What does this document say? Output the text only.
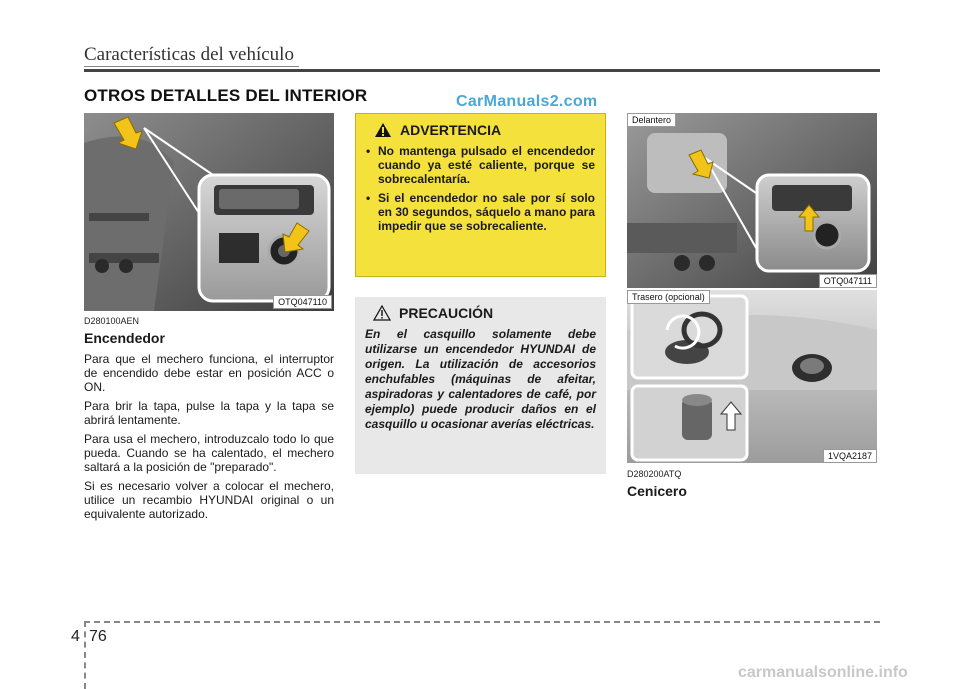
Características del vehículo
OTROS DETALLES DEL INTERIOR	CarManuals2.com
OTQ047110
ADVERTENCIA
• No mantenga pulsado el encendedor cuando ya esté caliente, porque se sobrecalentaría.
• Si el encendedor no sale por sí solo en 30 segundos, sáquelo a mano para impedir que se sobrecaliente.
PRECAUCIÓN
En el casquillo solamente debe utilizarse un encendedor HYUNDAI de origen. La utilización de accesorios enchufables (máquinas de afeitar, aspiradoras y calentadores de café, por ejemplo) puede producir daños en el casquillo u ocasionar averías eléctricas.
Delantero
OTQ047111
Trasero (opcional)
1VQA2187
D280100AEN
Encendedor

Para que el mechero funciona, el interruptor de encendido debe estar en posición ACC o ON.

Para brir la tapa, pulse la tapa y la tapa se abrirá lentamente.

Para usa el mechero, introduzcalo todo lo que pueda. Cuando se ha calentado, el mechero saltará a la posición de "preparado".

Si es necesario volver a colocar el mechero, utilice un recambio HYUNDAI original o un equivalente autorizado.

D280200ATQ
Cenicero
4 76
carmanualsonline.info
